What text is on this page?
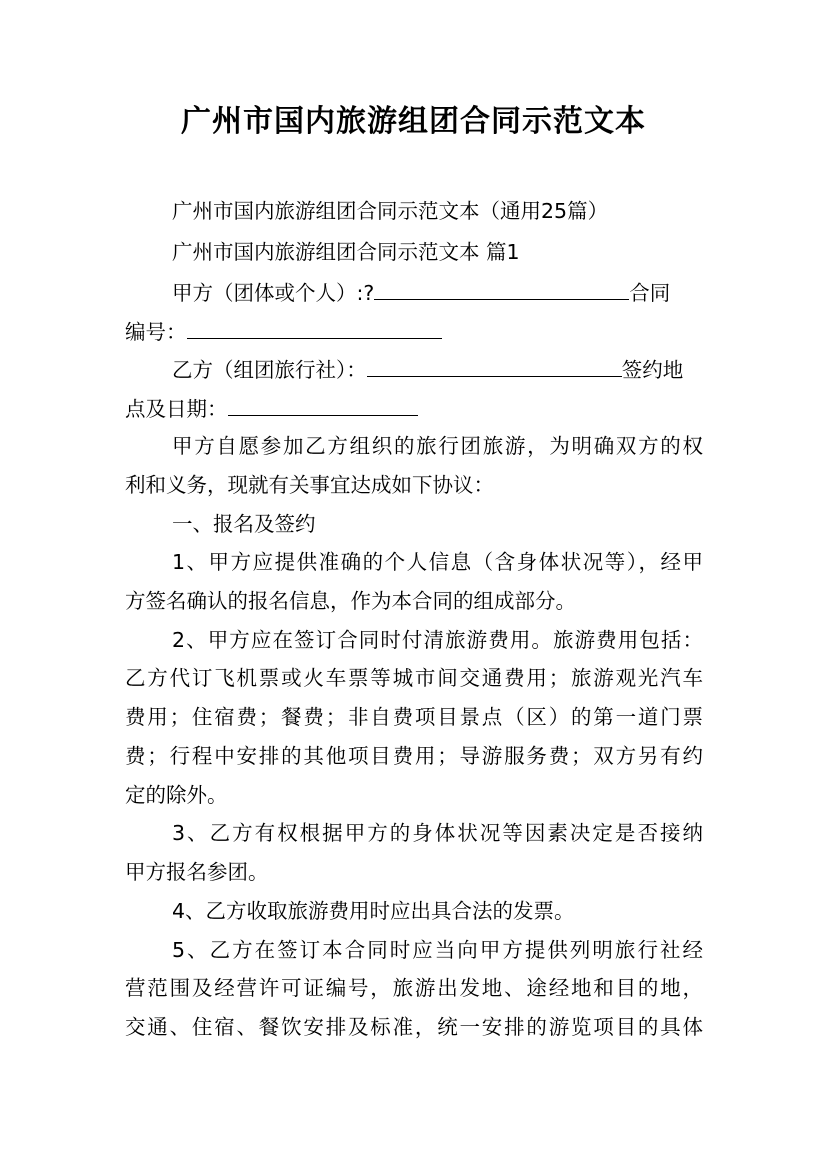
广州市国内旅游组团合同示范文本
广州市国内旅游组团合同示范文本（通用25篇）
广州市国内旅游组团合同示范文本 篇1
甲方（团体或个人）:?	合同
编号：
乙方（组团旅行社）：	签约地
点及日期：
甲方自愿参加乙方组织的旅行团旅游，为明确双方的权
利和义务，现就有关事宜达成如下协议：
一、报名及签约
1、甲方应提供准确的个人信息（含身体状况等），经甲
方签名确认的报名信息，作为本合同的组成部分。
2、甲方应在签订合同时付清旅游费用。旅游费用包括：
乙方代订飞机票或火车票等城市间交通费用；旅游观光汽车
费用；住宿费；餐费；非自费项目景点（区）的第一道门票
费；行程中安排的其他项目费用；导游服务费；双方另有约
定的除外。
3、乙方有权根据甲方的身体状况等因素决定是否接纳
甲方报名参团。
4、乙方收取旅游费用时应出具合法的发票。
5、乙方在签订本合同时应当向甲方提供列明旅行社经
营范围及经营许可证编号，旅游出发地、途经地和目的地，
交通、住宿、餐饮安排及标准，统一安排的游览项目的具体
